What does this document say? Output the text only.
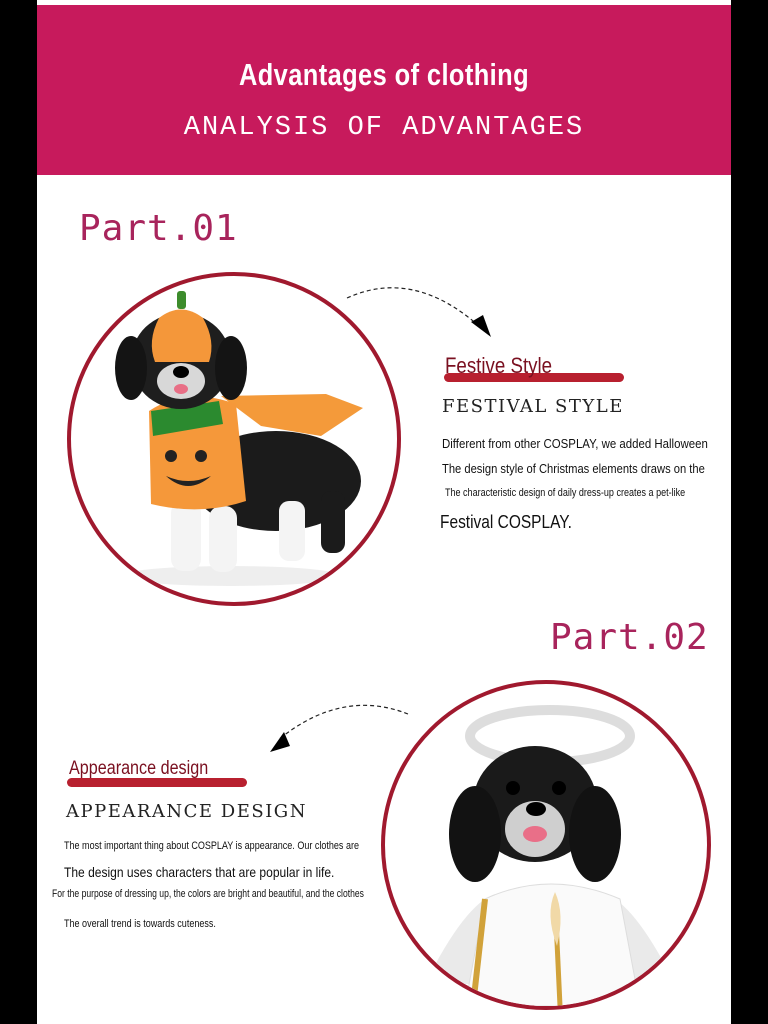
Advantages of clothing
ANALYSIS OF ADVANTAGES
Part.01
Festive Style
FESTIVAL STYLE
Different from other COSPLAY, we added Halloween
The design style of Christmas elements draws on the
The characteristic design of daily dress-up creates a pet-like
Festival COSPLAY.
Part.02
Appearance design
APPEARANCE DESIGN
The most important thing about COSPLAY is appearance. Our clothes are
The design uses characters that are popular in life.
For the purpose of dressing up, the colors are bright and beautiful, and the clothes
The overall trend is towards cuteness.
